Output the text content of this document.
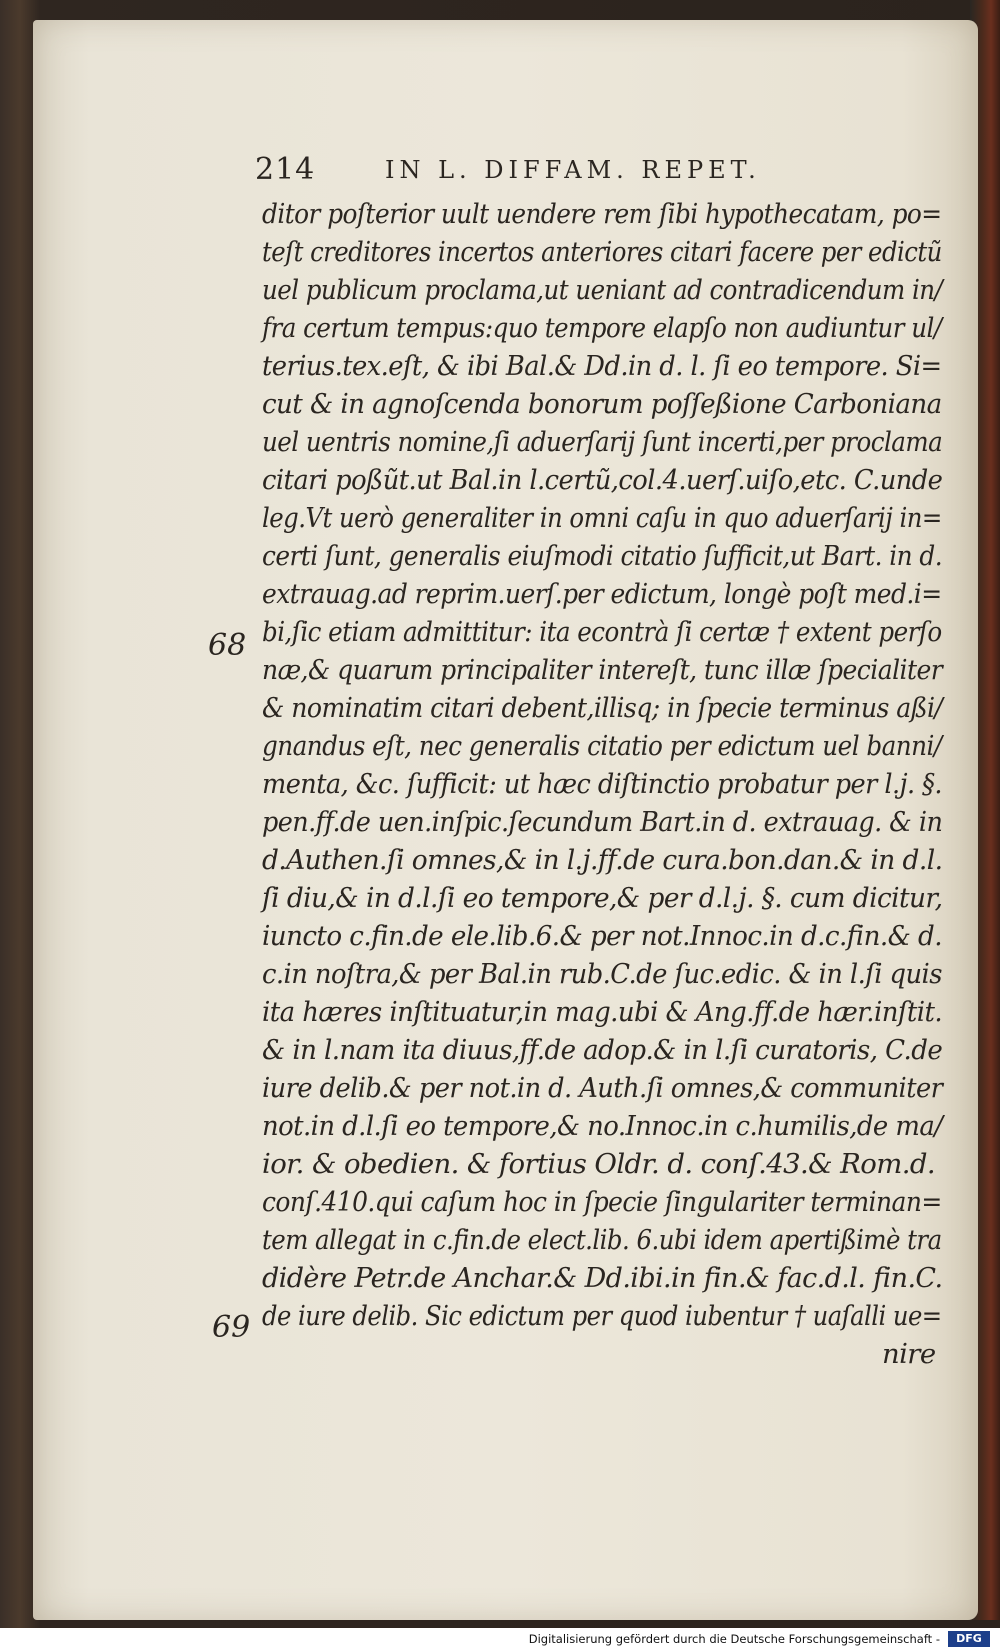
214	IN L. DIFFAM. REPET.
68
69
ditor poſterior uult uendere rem ſibi hypothecatam, po=
teſt creditores incertos anteriores citari facere per edictũ
uel publicum proclama,ut ueniant ad contradicendum in/
fra certum tempus:quo tempore elapſo non audiuntur ul/
terius.tex.eſt, & ibi Bal.& Dd.in d. l. ſi eo tempore. Si=
cut & in agnoſcenda bonorum poſſeßione Carboniana
uel uentris nomine,ſi aduerſarij ſunt incerti,per proclama
citari poßũt.ut Bal.in l.certũ,col.4.uerſ.uiſo,etc. C.unde
leg.Vt uerò generaliter in omni caſu in quo aduerſarij in=
certi ſunt, generalis eiuſmodi citatio ſufficit,ut Bart. in d.
extrauag.ad reprim.uerſ.per edictum, longè poſt med.i=
bi,ſic etiam admittitur: ita econtrà ſi certæ † extent perſo
næ,& quarum principaliter intereſt, tunc illæ ſpecialiter
& nominatim citari debent,illisq; in ſpecie terminus aßi/
gnandus eſt, nec generalis citatio per edictum uel banni/
menta, &c. ſufficit: ut hæc diſtinctio probatur per l.j. §.
pen.ff.de uen.inſpic.ſecundum Bart.in d. extrauag. & in
d.Authen.ſi omnes,& in l.j.ff.de cura.bon.dan.& in d.l.
ſi diu,& in d.l.ſi eo tempore,& per d.l.j. §. cum dicitur,
iuncto c.fin.de ele.lib.6.& per not.Innoc.in d.c.fin.& d.
c.in noſtra,& per Bal.in rub.C.de ſuc.edic. & in l.ſi quis
ita hæres inſtituatur,in mag.ubi & Ang.ff.de hær.inſtit.
& in l.nam ita diuus,ff.de adop.& in l.ſi curatoris, C.de
iure delib.& per not.in d. Auth.ſi omnes,& communiter
not.in d.l.ſi eo tempore,& no.Innoc.in c.humilis,de ma/
ior. & obedien. & fortius Oldr. d. conſ.43.& Rom.d.
conſ.410.qui caſum hoc in ſpecie ſingulariter terminan=
tem allegat in c.fin.de elect.lib. 6.ubi idem apertißimè tra
didère Petr.de Anchar.& Dd.ibi.in fin.& fac.d.l. fin.C.
de iure delib. Sic edictum per quod iubentur † uaſalli ue=
nire
Digitalisierung gefördert durch die Deutsche Forschungsgemeinschaft -	DFG
